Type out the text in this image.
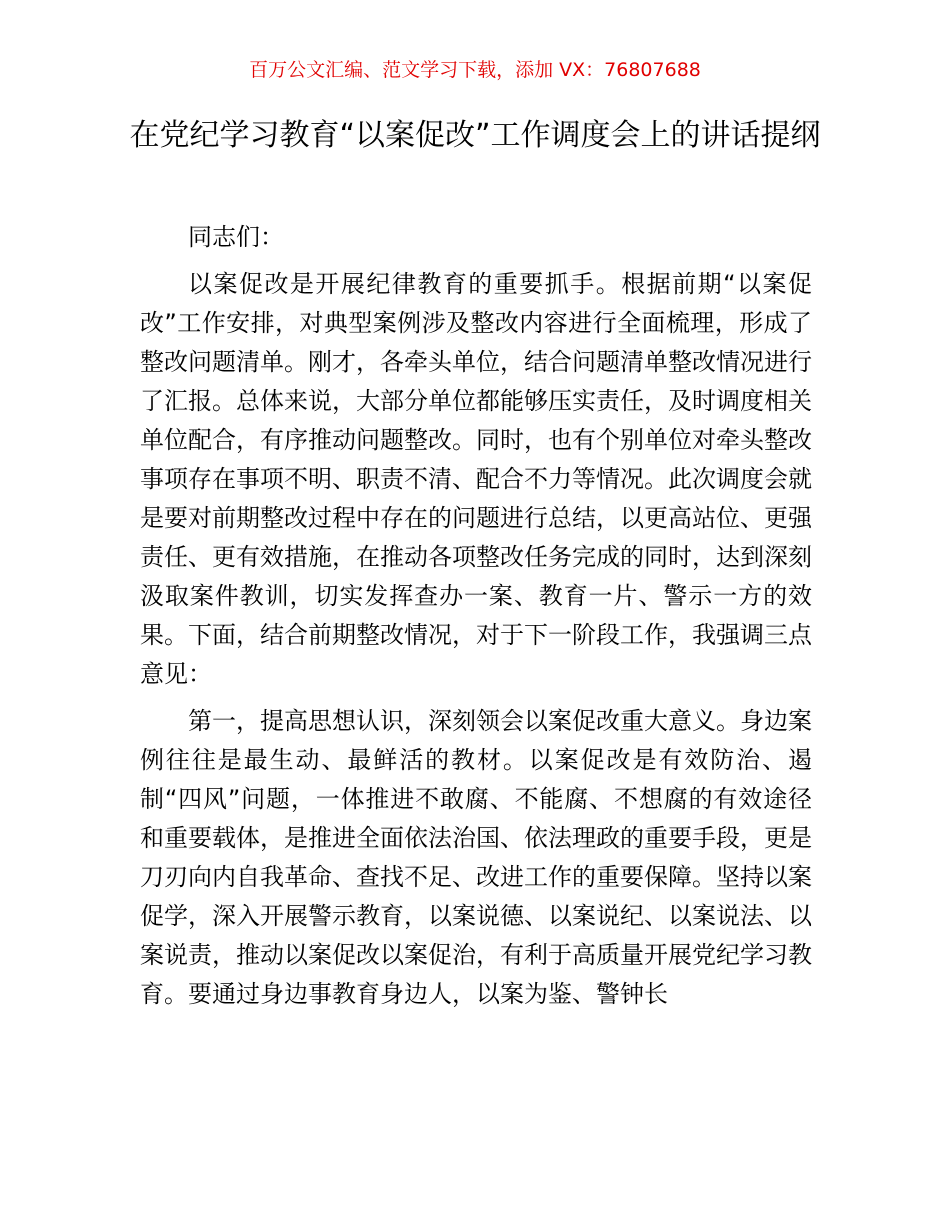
百万公文汇编、范文学习下载，添加 VX：76807688
在党纪学习教育“以案促改”工作调度会上的讲话提纲

同志们：

以案促改是开展纪律教育的重要抓手。根据前期“以案促改”工作安排，对典型案例涉及整改内容进行全面梳理，形成了整改问题清单。刚才，各牵头单位，结合问题清单整改情况进行了汇报。总体来说，大部分单位都能够压实责任，及时调度相关单位配合，有序推动问题整改。同时，也有个别单位对牵头整改事项存在事项不明、职责不清、配合不力等情况。此次调度会就是要对前期整改过程中存在的问题进行总结，以更高站位、更强责任、更有效措施，在推动各项整改任务完成的同时，达到深刻汲取案件教训，切实发挥查办一案、教育一片、警示一方的效果。下面，结合前期整改情况，对于下一阶段工作，我强调三点意见：

第一，提高思想认识，深刻领会以案促改重大意义。身边案例往往是最生动、最鲜活的教材。以案促改是有效防治、遏制“四风”问题，一体推进不敢腐、不能腐、不想腐的有效途径和重要载体，是推进全面依法治国、依法理政的重要手段，更是刀刃向内自我革命、查找不足、改进工作的重要保障。坚持以案促学，深入开展警示教育，以案说德、以案说纪、以案说法、以案说责，推动以案促改以案促治，有利于高质量开展党纪学习教育。要通过身边事教育身边人，以案为鉴、警钟长
